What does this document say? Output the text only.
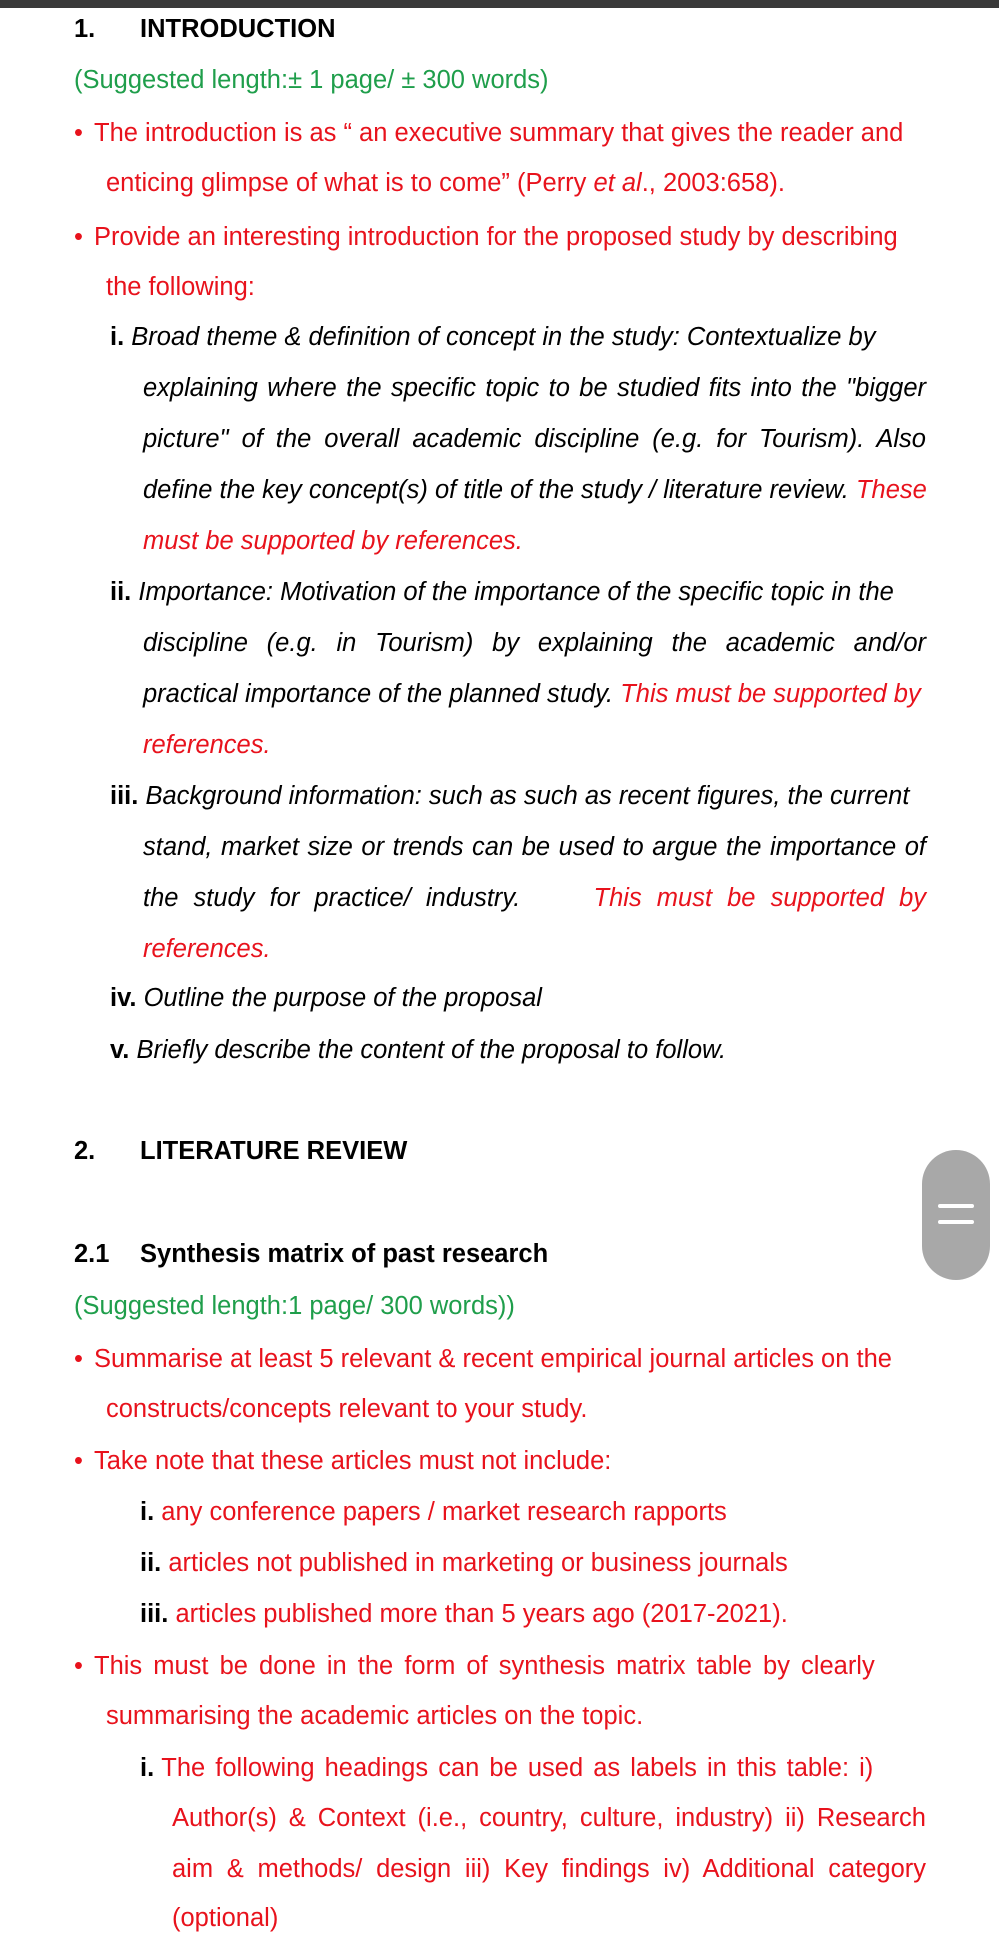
1. INTRODUCTION
(Suggested length:± 1 page/ ± 300 words)
• The introduction is as “ an executive summary that gives the reader and
enticing glimpse of what is to come” (Perry et al., 2003:658).
• Provide an interesting introduction for the proposed study by describing
the following:
i. Broad theme & definition of concept in the study: Contextualize by
explaining where the specific topic to be studied fits into the "bigger
picture" of the overall academic discipline (e.g. for Tourism). Also
define the key concept(s) of title of the study / literature review. These
must be supported by references.
ii. Importance: Motivation of the importance of the specific topic in the
discipline (e.g. in Tourism) by explaining the academic and/or
practical importance of the planned study. This must be supported by
references.
iii. Background information: such as such as recent figures, the current
stand, market size or trends can be used to argue the importance of
the study for practice/ industry.	This must be supported by
references.
iv. Outline the purpose of the proposal
v. Briefly describe the content of the proposal to follow.
2. LITERATURE REVIEW
2.1 Synthesis matrix of past research
(Suggested length:1 page/ 300 words))
• Summarise at least 5 relevant & recent empirical journal articles on the
constructs/concepts relevant to your study.
• Take note that these articles must not include:
i. any conference papers / market research rapports
ii. articles not published in marketing or business journals
iii. articles published more than 5 years ago (2017-2021).
• This must be done in the form of synthesis matrix table by clearly
summarising the academic articles on the topic.
i. The following headings can be used as labels in this table: i)
Author(s) & Context (i.e., country, culture, industry) ii) Research
aim & methods/ design iii) Key findings iv) Additional category
(optional)
